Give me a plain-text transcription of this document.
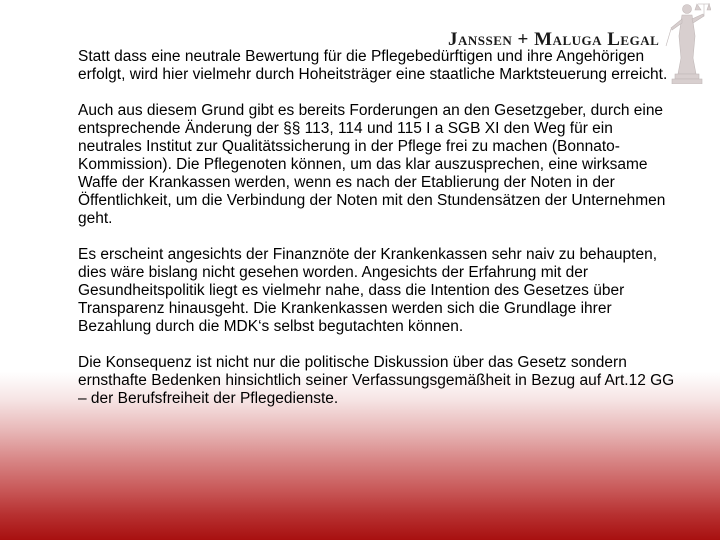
Janssen + Maluga Legal

Statt dass eine neutrale Bewertung für die Pflegebedürftigen und ihre Angehörigen erfolgt, wird hier vielmehr durch Hoheitsträger eine staatliche Marktsteuerung erreicht.

Auch aus diesem Grund gibt es bereits Forderungen an den Gesetzgeber, durch eine entsprechende Änderung der §§ 113, 114 und 115 I a SGB XI den Weg für ein neutrales Institut zur Qualitätssicherung in der Pflege frei zu machen (Bonnato-Kommission). Die Pflegenoten können, um das klar auszusprechen, eine wirksame Waffe der Krankassen werden, wenn es nach der Etablierung der Noten in der Öffentlichkeit, um die Verbindung der Noten mit den Stundensätzen der Unternehmen geht.

Es erscheint angesichts der Finanznöte der Krankenkassen sehr naiv zu behaupten, dies wäre bislang nicht gesehen worden. Angesichts der Erfahrung mit der Gesundheitspolitik liegt es vielmehr nahe, dass die Intention des Gesetzes über Transparenz hinausgeht. Die Krankenkassen werden sich die Grundlage ihrer Bezahlung durch die MDK‘s selbst begutachten können.

Die Konsequenz ist nicht nur die politische Diskussion über das Gesetz sondern ernsthafte Bedenken hinsichtlich seiner Verfassungsgemäßheit in Bezug auf Art.12 GG – der Berufsfreiheit der Pflegedienste.
